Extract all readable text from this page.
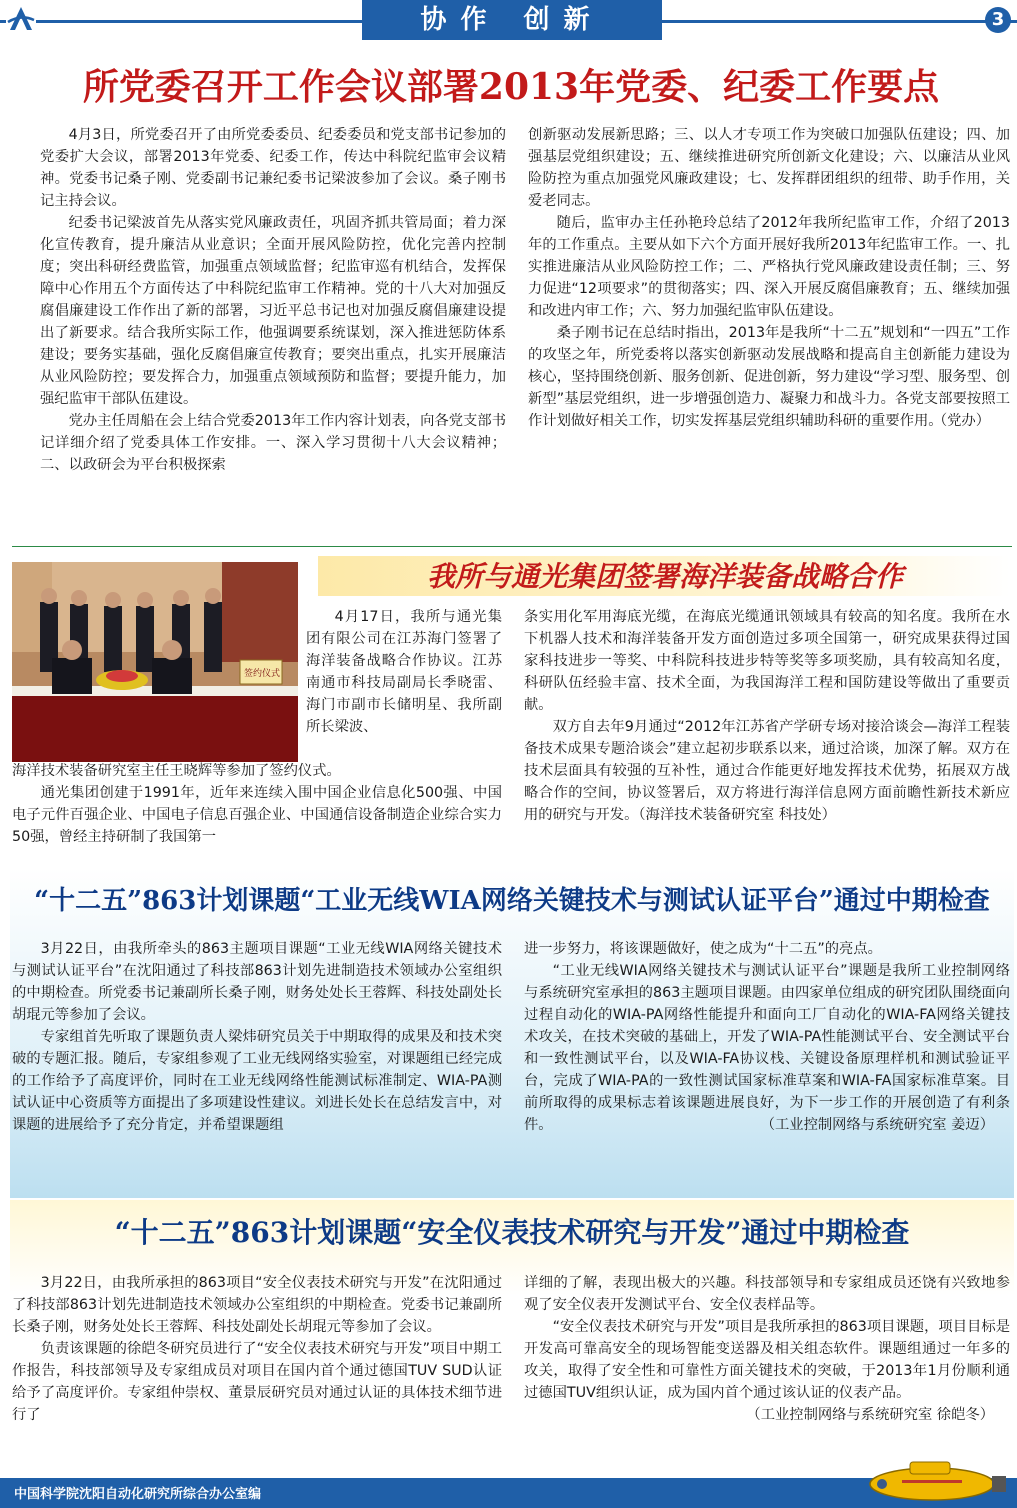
协作 创新	3
所党委召开工作会议部署2013年党委、纪委工作要点

4月3日，所党委召开了由所党委委员、纪委委员和党支部书记参加的党委扩大会议，部署2013年党委、纪委工作，传达中科院纪监审会议精神。党委书记桑子刚、党委副书记兼纪委书记梁波参加了会议。桑子刚书记主持会议。

纪委书记梁波首先从落实党风廉政责任，巩固齐抓共管局面；着力深化宣传教育，提升廉洁从业意识；全面开展风险防控，优化完善内控制度；突出科研经费监管，加强重点领域监督；纪监审巡有机结合，发挥保障中心作用五个方面传达了中科院纪监审工作精神。党的十八大对加强反腐倡廉建设工作作出了新的部署，习近平总书记也对加强反腐倡廉建设提出了新要求。结合我所实际工作，他强调要系统谋划，深入推进惩防体系建设；要务实基础，强化反腐倡廉宣传教育；要突出重点，扎实开展廉洁从业风险防控；要发挥合力，加强重点领域预防和监督；要提升能力，加强纪监审干部队伍建设。

党办主任周船在会上结合党委2013年工作内容计划表，向各党支部书记详细介绍了党委具体工作安排。一、深入学习贯彻十八大会议精神；二、以政研会为平台积极探索

创新驱动发展新思路；三、以人才专项工作为突破口加强队伍建设；四、加强基层党组织建设；五、继续推进研究所创新文化建设；六、以廉洁从业风险防控为重点加强党风廉政建设；七、发挥群团组织的纽带、助手作用，关爱老同志。

随后，监审办主任孙艳玲总结了2012年我所纪监审工作，介绍了2013年的工作重点。主要从如下六个方面开展好我所2013年纪监审工作。一、扎实推进廉洁从业风险防控工作；二、严格执行党风廉政建设责任制；三、努力促进“12项要求”的贯彻落实；四、深入开展反腐倡廉教育；五、继续加强和改进内审工作；六、努力加强纪监审队伍建设。

桑子刚书记在总结时指出，2013年是我所“十二五”规划和“一四五”工作的攻坚之年，所党委将以落实创新驱动发展战略和提高自主创新能力建设为核心，坚持围绕创新、服务创新、促进创新，努力建设“学习型、服务型、创新型”基层党组织，进一步增强创造力、凝聚力和战斗力。各党支部要按照工作计划做好相关工作，切实发挥基层党组织辅助科研的重要作用。

（党办）
签约仪式
我所与通光集团签署海洋装备战略合作

4月17日，我所与通光集团有限公司在江苏海门签署了海洋装备战略合作协议。江苏南通市科技局副局长季晓雷、海门市副市长储明星、我所副所长梁波、

海洋技术装备研究室主任王晓辉等参加了签约仪式。

通光集团创建于1991年，近年来连续入围中国企业信息化500强、中国电子元件百强企业、中国电子信息百强企业、中国通信设备制造企业综合实力50强，曾经主持研制了我国第一

条实用化军用海底光缆，在海底光缆通讯领域具有较高的知名度。我所在水下机器人技术和海洋装备开发方面创造过多项全国第一，研究成果获得过国家科技进步一等奖、中科院科技进步特等奖等多项奖励，具有较高知名度，科研队伍经验丰富、技术全面，为我国海洋工程和国防建设等做出了重要贡献。

双方自去年9月通过“2012年江苏省产学研专场对接洽谈会—海洋工程装备技术成果专题洽谈会”建立起初步联系以来，通过洽谈，加深了解。双方在技术层面具有较强的互补性，通过合作能更好地发挥技术优势，拓展双方战略合作的空间，协议签署后，双方将进行海洋信息网方面前瞻性新技术新应用的研究与开发。（海洋技术装备研究室 科技处）

“十二五”863计划课题“工业无线WIA网络关键技术与测试认证平台”通过中期检查

3月22日，由我所牵头的863主题项目课题“工业无线WIA网络关键技术与测试认证平台”在沈阳通过了科技部863计划先进制造技术领域办公室组织的中期检查。所党委书记兼副所长桑子刚，财务处处长王蓉辉、科技处副处长胡琨元等参加了会议。

专家组首先听取了课题负责人梁炜研究员关于中期取得的成果及和技术突破的专题汇报。随后，专家组参观了工业无线网络实验室，对课题组已经完成的工作给予了高度评价，同时在工业无线网络性能测试标准制定、WIA-PA测试认证中心资质等方面提出了多项建设性建议。刘进长处长在总结发言中，对课题的进展给予了充分肯定，并希望课题组

进一步努力，将该课题做好，使之成为“十二五”的亮点。

“工业无线WIA网络关键技术与测试认证平台”课题是我所工业控制网络与系统研究室承担的863主题项目课题。由四家单位组成的研究团队围绕面向过程自动化的WIA-PA网络性能提升和面向工厂自动化的WIA-FA网络关键技术攻关，在技术突破的基础上，开发了WIA-PA性能测试平台、安全测试平台和一致性测试平台，以及WIA-FA协议栈、关键设备原理样机和测试验证平台，完成了WIA-PA的一致性测试国家标准草案和WIA-FA国家标准草案。目前所取得的成果标志着该课题进展良好，为下一步工作的开展创造了有利条件。	（工业控制网络与系统研究室 姜迈）
“十二五”863计划课题“安全仪表技术研究与开发”通过中期检查

3月22日，由我所承担的863项目“安全仪表技术研究与开发”在沈阳通过了科技部863计划先进制造技术领域办公室组织的中期检查。党委书记兼副所长桑子刚，财务处处长王蓉辉、科技处副处长胡琨元等参加了会议。

负责该课题的徐皑冬研究员进行了“安全仪表技术研究与开发”项目中期工作报告，科技部领导及专家组成员对项目在国内首个通过德国TUV SUD认证给予了高度评价。专家组仲崇权、董景辰研究员对通过认证的具体技术细节进行了

详细的了解，表现出极大的兴趣。科技部领导和专家组成员还饶有兴致地参观了安全仪表开发测试平台、安全仪表样品等。

“安全仪表技术研究与开发”项目是我所承担的863项目课题，项目目标是开发高可靠高安全的现场智能变送器及相关组态软件。课题组通过一年多的攻关，取得了安全性和可靠性方面关键技术的突破，于2013年1月份顺利通过德国TUV组织认证，成为国内首个通过该认证的仪表产品。

（工业控制网络与系统研究室 徐皑冬）
中国科学院沈阳自动化研究所综合办公室编
